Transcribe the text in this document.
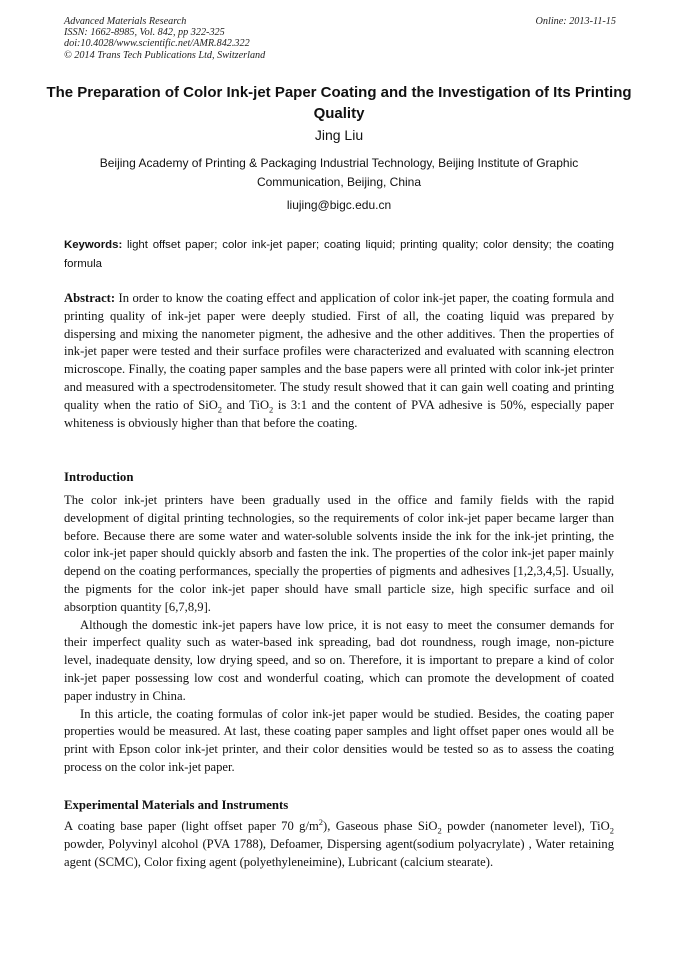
Advanced Materials Research
ISSN: 1662-8985, Vol. 842, pp 322-325
doi:10.4028/www.scientific.net/AMR.842.322
© 2014 Trans Tech Publications Ltd, Switzerland
Online: 2013-11-15
The Preparation of Color Ink-jet Paper Coating and the Investigation of Its Printing Quality

Jing Liu

Beijing Academy of Printing & Packaging Industrial Technology, Beijing Institute of Graphic Communication, Beijing, China

liujing@bigc.edu.cn

Keywords: light offset paper; color ink-jet paper; coating liquid; printing quality; color density; the coating formula

Abstract: In order to know the coating effect and application of color ink-jet paper, the coating formula and printing quality of ink-jet paper were deeply studied. First of all, the coating liquid was prepared by dispersing and mixing the nanometer pigment, the adhesive and the other additives. Then the properties of ink-jet paper were tested and their surface profiles were characterized and evaluated with scanning electron microscope. Finally, the coating paper samples and the base papers were all printed with color ink-jet printer and measured with a spectrodensitometer. The study result showed that it can gain well coating and printing quality when the ratio of SiO$_2$ and TiO$_2$ is 3:1 and the content of PVA adhesive is 50%, especially paper whiteness is obviously higher than that before the coating.

Introduction

The color ink-jet printers have been gradually used in the office and family fields with the rapid development of digital printing technologies, so the requirements of color ink-jet paper became larger than before. Because there are some water and water-soluble solvents inside the ink for the ink-jet printing, the color ink-jet paper should quickly absorb and fasten the ink. The properties of the color ink-jet paper mainly depend on the coating performances, specially the properties of pigments and adhesives [1,2,3,4,5]. Usually, the pigments for the color ink-jet paper should have small particle size, high specific surface and oil absorption quantity [6,7,8,9].

Although the domestic ink-jet papers have low price, it is not easy to meet the consumer demands for their imperfect quality such as water-based ink spreading, bad dot roundness, rough image, non-picture level, inadequate density, low drying speed, and so on. Therefore, it is important to prepare a kind of color ink-jet paper possessing low cost and wonderful coating, which can promote the development of coated paper industry in China.

In this article, the coating formulas of color ink-jet paper would be studied. Besides, the coating paper properties would be measured. At last, these coating paper samples and light offset paper ones would all be print with Epson color ink-jet printer, and their color densities would be tested so as to assess the coating process on the color ink-jet paper.

Experimental Materials and Instruments

A coating base paper (light offset paper 70 $g/m^2$), Gaseous phase SiO$_2$ powder (nanometer level), TiO$_2$ powder, Polyvinyl alcohol (PVA 1788), Defoamer, Dispersing agent(sodium polyacrylate) , Water retaining agent (SCMC), Color fixing agent (polyethyleneimine), Lubricant (calcium stearate).
